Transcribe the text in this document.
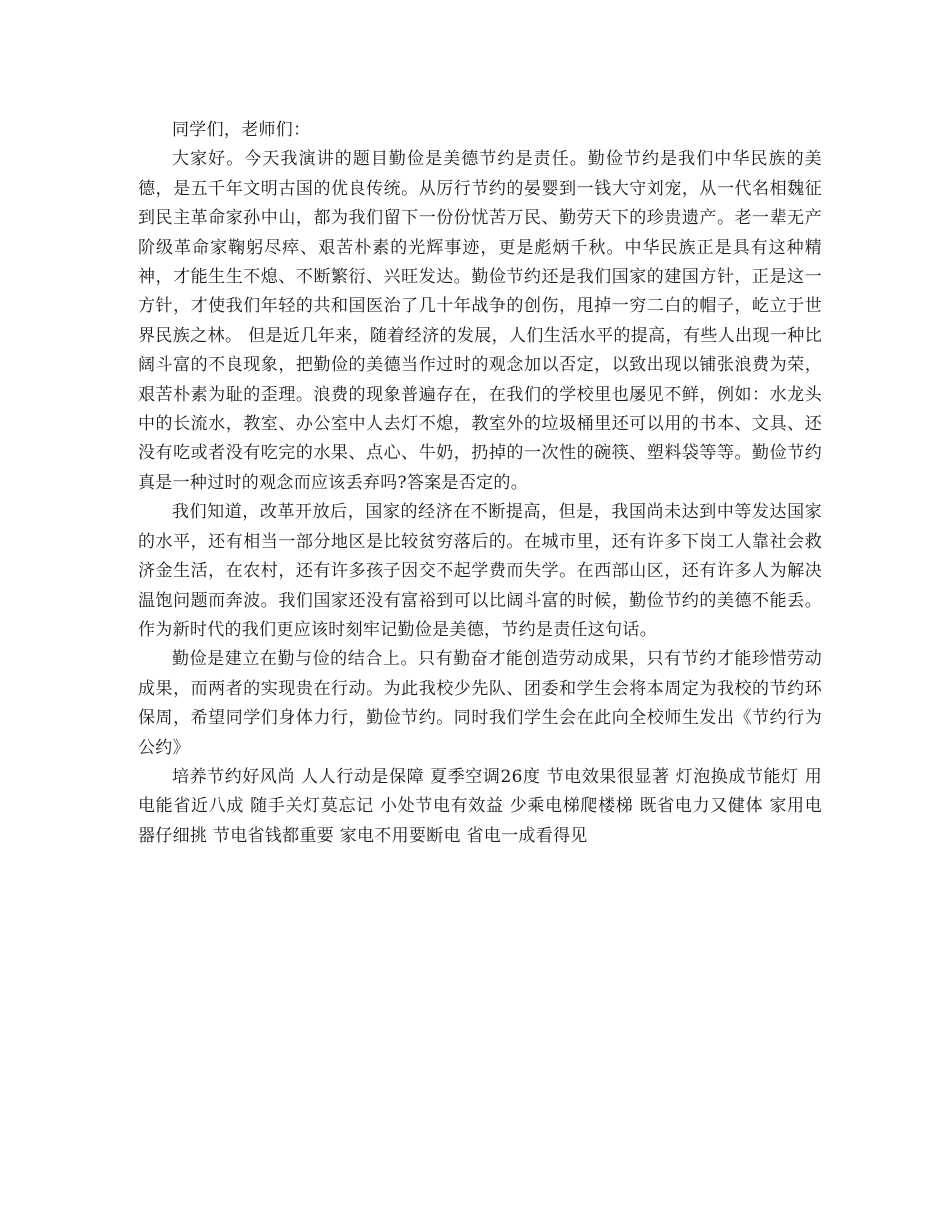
同学们，老师们：

大家好。今天我演讲的题目勤俭是美德节约是责任。勤俭节约是我们中华民族的美德，是五千年文明古国的优良传统。从厉行节约的晏婴到一钱大守刘宠，从一代名相魏征到民主革命家孙中山，都为我们留下一份份忧苦万民、勤劳天下的珍贵遗产。老一辈无产阶级革命家鞠躬尽瘁、艰苦朴素的光辉事迹，更是彪炳千秋。中华民族正是具有这种精神，才能生生不熄、不断繁衍、兴旺发达。勤俭节约还是我们国家的建国方针，正是这一方针，才使我们年轻的共和国医治了几十年战争的创伤，甩掉一穷二白的帽子，屹立于世界民族之林。 但是近几年来，随着经济的发展，人们生活水平的提高，有些人出现一种比阔斗富的不良现象，把勤俭的美德当作过时的观念加以否定，以致出现以铺张浪费为荣，艰苦朴素为耻的歪理。浪费的现象普遍存在，在我们的学校里也屡见不鲜，例如：水龙头中的长流水，教室、办公室中人去灯不熄，教室外的垃圾桶里还可以用的书本、文具、还没有吃或者没有吃完的水果、点心、牛奶，扔掉的一次性的碗筷、塑料袋等等。勤俭节约真是一种过时的观念而应该丢弃吗?答案是否定的。

我们知道，改革开放后，国家的经济在不断提高，但是，我国尚未达到中等发达国家的水平，还有相当一部分地区是比较贫穷落后的。在城市里，还有许多下岗工人靠社会救济金生活，在农村，还有许多孩子因交不起学费而失学。在西部山区，还有许多人为解决温饱问题而奔波。我们国家还没有富裕到可以比阔斗富的时候，勤俭节约的美德不能丢。作为新时代的我们更应该时刻牢记勤俭是美德，节约是责任这句话。

勤俭是建立在勤与俭的结合上。只有勤奋才能创造劳动成果，只有节约才能珍惜劳动成果，而两者的实现贵在行动。为此我校少先队、团委和学生会将本周定为我校的节约环保周，希望同学们身体力行，勤俭节约。同时我们学生会在此向全校师生发出《节约行为公约》

培养节约好风尚 人人行动是保障 夏季空调26度 节电效果很显著 灯泡换成节能灯 用电能省近八成 随手关灯莫忘记 小处节电有效益 少乘电梯爬楼梯 既省电力又健体 家用电器仔细挑 节电省钱都重要 家电不用要断电 省电一成看得见
